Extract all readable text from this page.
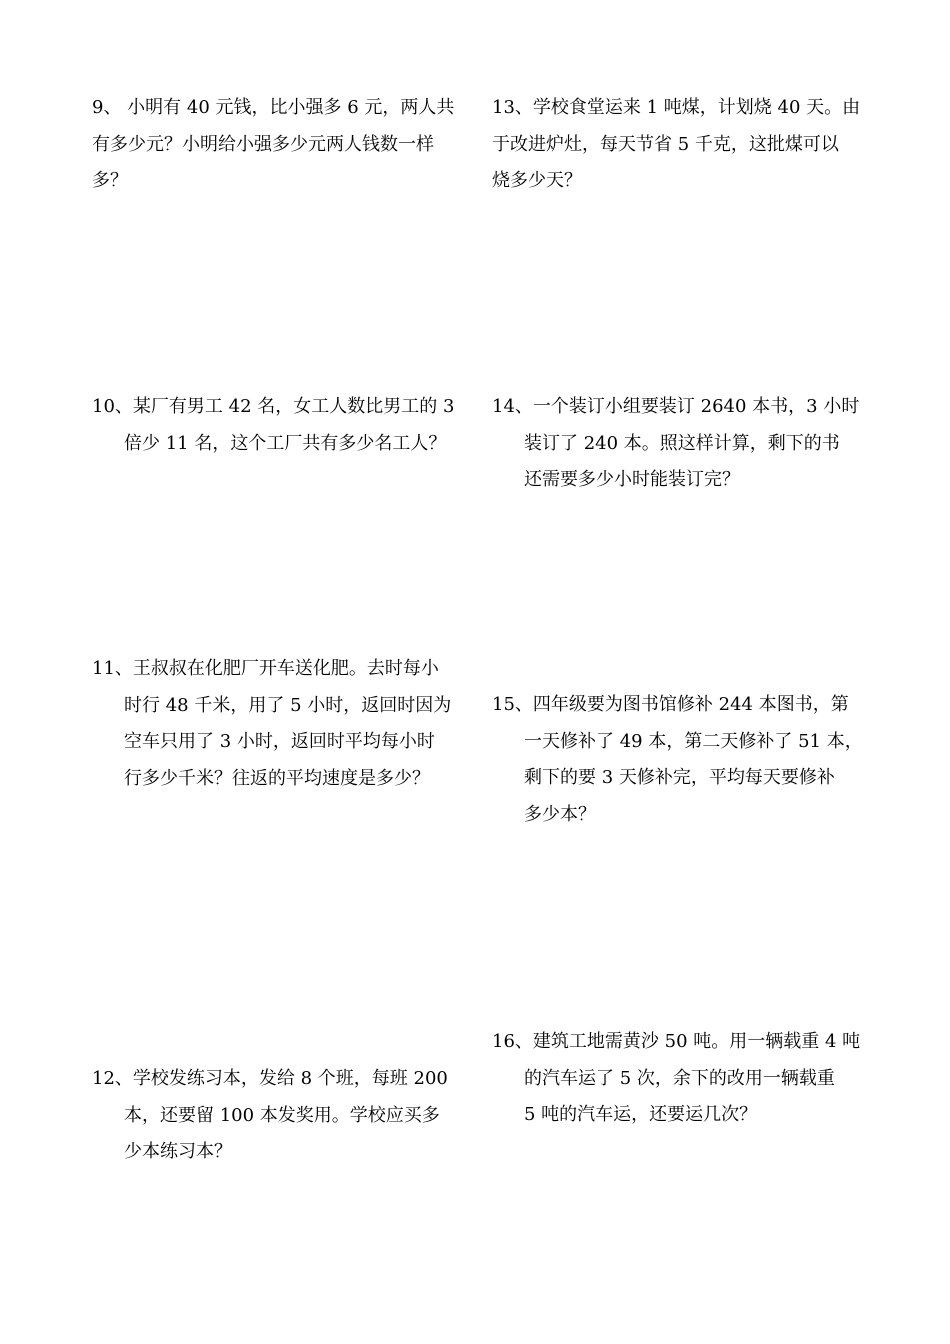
9、 小明有 40 元钱，比小强多 6 元，两人共
有多少元？小明给小强多少元两人钱数一样
多？
10、某厂有男工 42 名，女工人数比男工的 3
倍少 11 名，这个工厂共有多少名工人？
11、王叔叔在化肥厂开车送化肥。去时每小
时行 48 千米，用了 5 小时，返回时因为
空车只用了 3 小时，返回时平均每小时
行多少千米？往返的平均速度是多少？
12、学校发练习本，发给 8 个班，每班 200
本，还要留 100 本发奖用。学校应买多
少本练习本？
13、学校食堂运来 1 吨煤，计划烧 40 天。由
于改进炉灶，每天节省 5 千克，这批煤可以
烧多少天？
14、一个装订小组要装订 2640 本书，3 小时
装订了 240 本。照这样计算，剩下的书
还需要多少小时能装订完？
15、四年级要为图书馆修补 244 本图书，第
一天修补了 49 本，第二天修补了 51 本，
剩下的要 3 天修补完，平均每天要修补
多少本？
16、建筑工地需黄沙 50 吨。用一辆载重 4 吨
的汽车运了 5 次，余下的改用一辆载重
5 吨的汽车运，还要运几次？
